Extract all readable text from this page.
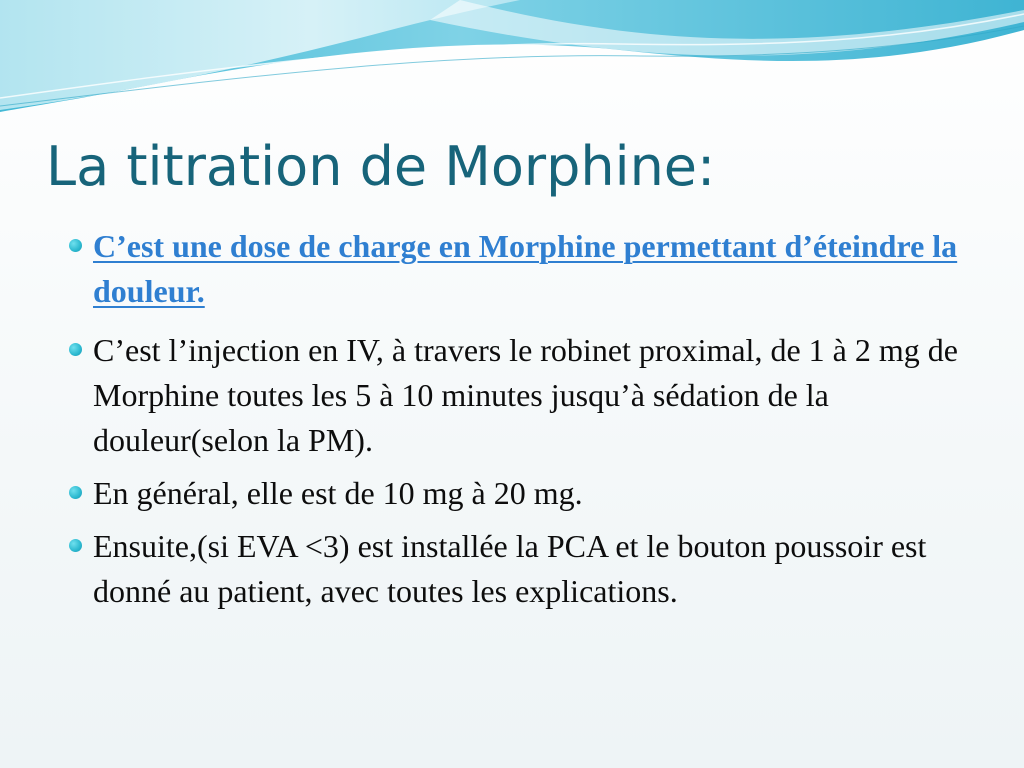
La titration de Morphine:
C’est une dose de charge en Morphine permettant d’éteindre la douleur.
C’est l’injection en IV, à travers le robinet proximal, de 1 à 2 mg de Morphine toutes les 5 à 10 minutes jusqu’à sédation de la douleur(selon la PM).
En général, elle est de 10 mg à 20 mg.
Ensuite,(si EVA <3) est installée la PCA et le bouton poussoir est donné au patient, avec toutes les explications.
